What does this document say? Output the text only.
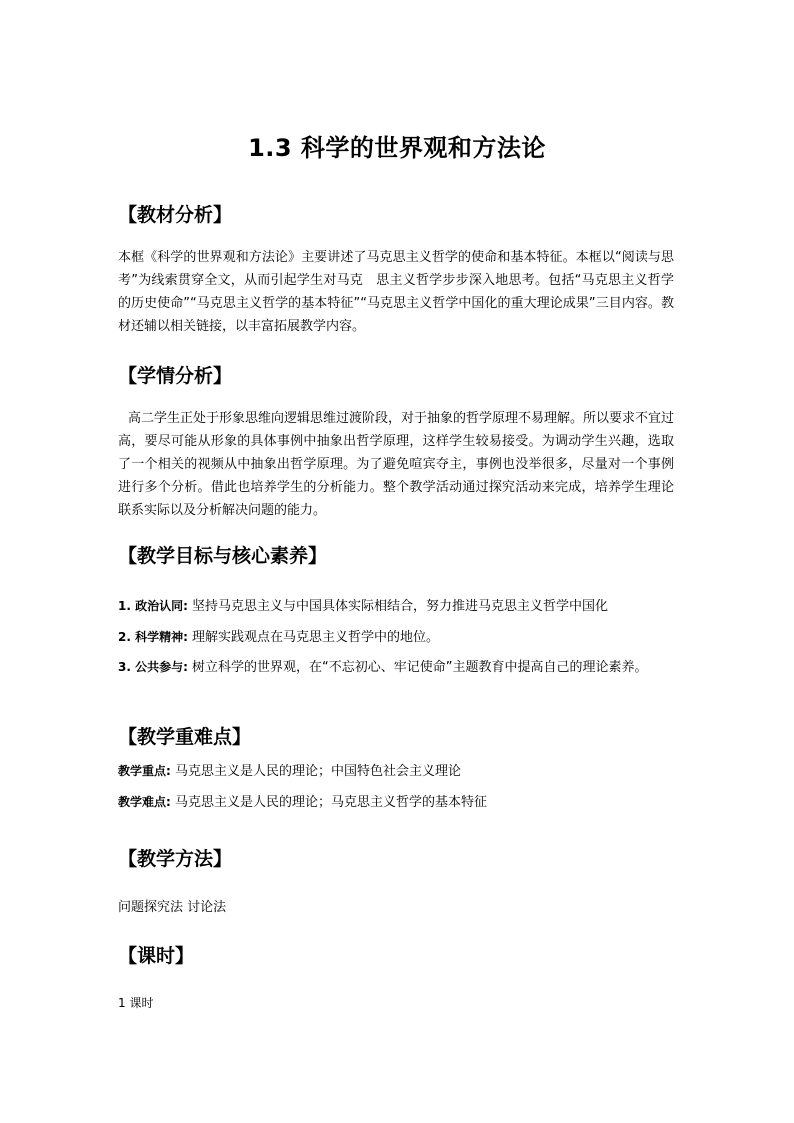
1.3 科学的世界观和方法论
【教材分析】

本框《科学的世界观和方法论》主要讲述了马克思主义哲学的使命和基本特征。本框以“阅读与思考”为线索贯穿全文，从而引起学生对马克　思主义哲学步步深入地思考。包括“马克思主义哲学的历史使命”“马克思主义哲学的基本特征”“马克思主义哲学中国化的重大理论成果”三目内容。教材还辅以相关链接，以丰富拓展教学内容。

【学情分析】

高二学生正处于形象思维向逻辑思维过渡阶段，对于抽象的哲学原理不易理解。所以要求不宜过高，要尽可能从形象的具体事例中抽象出哲学原理，这样学生较易接受。为调动学生兴趣，选取了一个相关的视频从中抽象出哲学原理。为了避免喧宾夺主，事例也没举很多，尽量对一个事例进行多个分析。借此也培养学生的分析能力。整个教学活动通过探究活动来完成，培养学生理论联系实际以及分析解决问题的能力。

【教学目标与核心素养】
1. 政治认同: 坚持马克思主义与中国具体实际相结合，努力推进马克思主义哲学中国化
2. 科学精神: 理解实践观点在马克思主义哲学中的地位。
3. 公共参与: 树立科学的世界观，在“不忘初心、牢记使命”主题教育中提高自己的理论素养。
【教学重难点】
教学重点: 马克思主义是人民的理论；中国特色社会主义理论
教学难点: 马克思主义是人民的理论；马克思主义哲学的基本特征
【教学方法】

问题探究法 讨论法

【课时】

1 课时
